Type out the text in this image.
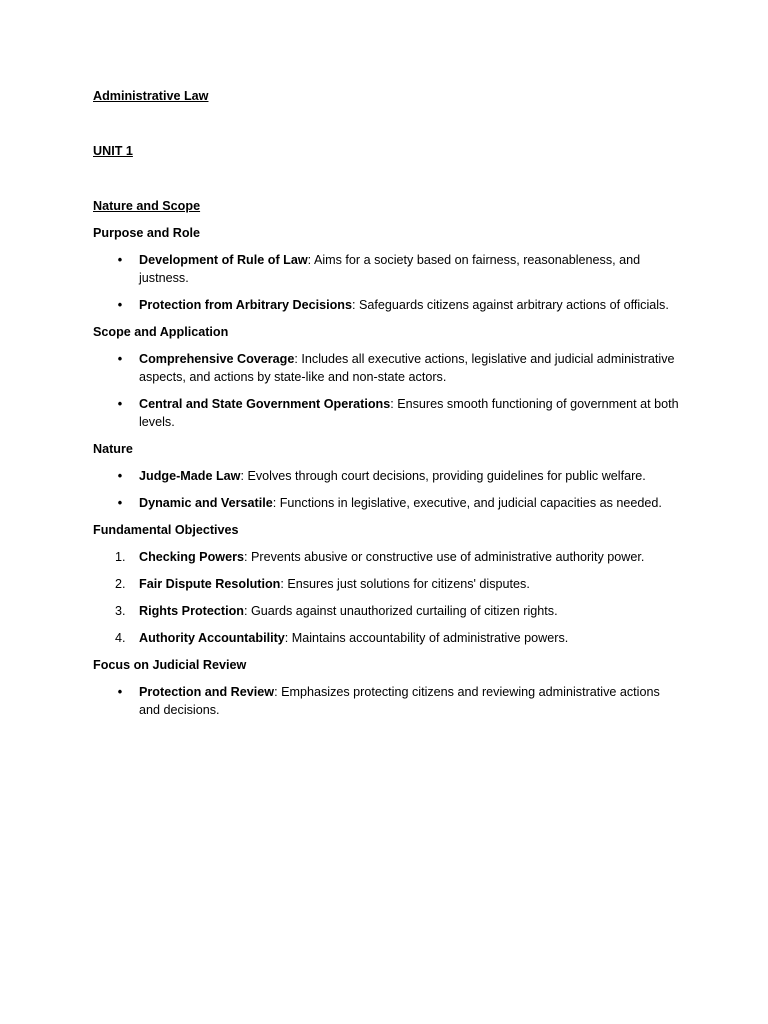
Administrative Law
UNIT 1
Nature and Scope
Purpose and Role
• Development of Rule of Law: Aims for a society based on fairness, reasonableness, and justness.
• Protection from Arbitrary Decisions: Safeguards citizens against arbitrary actions of officials.
Scope and Application
• Comprehensive Coverage: Includes all executive actions, legislative and judicial administrative aspects, and actions by state-like and non-state actors.
• Central and State Government Operations: Ensures smooth functioning of government at both levels.
Nature
• Judge-Made Law: Evolves through court decisions, providing guidelines for public welfare.
• Dynamic and Versatile: Functions in legislative, executive, and judicial capacities as needed.
Fundamental Objectives
1. Checking Powers: Prevents abusive or constructive use of administrative authority power.
2. Fair Dispute Resolution: Ensures just solutions for citizens' disputes.
3. Rights Protection: Guards against unauthorized curtailing of citizen rights.
4. Authority Accountability: Maintains accountability of administrative powers.
Focus on Judicial Review
• Protection and Review: Emphasizes protecting citizens and reviewing administrative actions and decisions.
